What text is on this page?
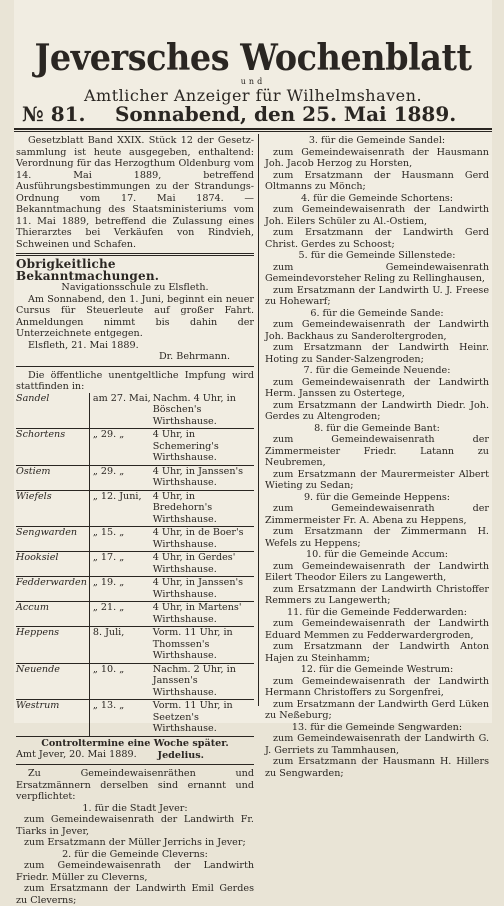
Jeversches Wochenblatt
und
Amtlicher Anzeiger für Wilhelmshaven.
№ 81. Sonnabend, den 25. Mai 1889.

Gesetzblatt Band XXIX. Stück 12 der Gesetz-sammlung ist heute ausgegeben, enthaltend: Verordnung für das Herzogthum Oldenburg vom 14. Mai 1889, betreffend Ausführungsbestimmungen zu der Strandungs-Ordnung vom 17. Mai 1874. — Bekanntmachung des Staatsministeriums vom 11. Mai 1889, betreffend die Zulassung eines Thierarztes bei Verkäufen von Rindvieh, Schweinen und Schafen.

Obrigkeitliche Bekanntmachungen.
Navigationsschule zu Elsfleth.

Am Sonnabend, den 1. Juni, beginnt ein neuer Cursus für Steuerleute auf großer Fahrt. Anmeldungen nimmt bis dahin der Unterzeichnete entgegen.

Elsfleth, 21. Mai 1889.
Dr. Behrmann.

Die öffentliche unentgeltliche Impfung wird stattfinden in:

Sandel	am 27. Mai,	Nachm. 4 Uhr, in Böschen's Wirthshause.
Schortens	„ 29. „	4 Uhr, in Schemering's Wirthshause.
Ostiem	„ 29. „	4 Uhr, in Janssen's Wirthshause.
Wiefels	„ 12. Juni,	4 Uhr, in Bredehorn's Wirthshause.
Sengwarden	„ 15. „	4 Uhr, in de Boer's Wirthshause.
Hooksiel	„ 17. „	4 Uhr, in Gerdes' Wirthshause.
Fedderwarden	„ 19. „	4 Uhr, in Janssen's Wirthshause.
Accum	„ 21. „	4 Uhr, in Martens' Wirthshause.
Heppens	8. Juli,	Vorm. 11 Uhr, in Thomssen's Wirthshause.
Neuende	„ 10. „	Nachm. 2 Uhr, in Janssen's Wirthshause.
Westrum	„ 13. „	Vorm. 11 Uhr, in Seetzen's Wirthshause.
Controltermine eine Woche später.
Amt Jever, 20. Mai 1889.	Jedelius.

Zu Gemeindewaisenräthen und Ersatzmännern derselben sind ernannt und verpflichtet:

1. für die Stadt Jever:
zum Gemeindewaisenrath der Landwirth Fr. Tiarks in Jever,
zum Ersatzmann der Müller Jerrichs in Jever;
2. für die Gemeinde Cleverns:
zum Gemeindewaisenrath der Landwirth Friedr. Müller zu Cleverns,
zum Ersatzmann der Landwirth Emil Gerdes zu Cleverns;
3. für die Gemeinde Sandel:
zum Gemeindewaisenrath der Hausmann Joh. Jacob Herzog zu Horsten,
zum Ersatzmann der Hausmann Gerd Oltmanns zu Mönch;
4. für die Gemeinde Schortens:
zum Gemeindewaisenrath der Landwirth Joh. Eilers Schüler zu Al.-Ostiem,
zum Ersatzmann der Landwirth Gerd Christ. Gerdes zu Schoost;
5. für die Gemeinde Sillenstede:
zum Gemeindewaisenrath Gemeindevorsteher Reling zu Rellinghausen,
zum Ersatzmann der Landwirth U. J. Freese zu Hohewarf;
6. für die Gemeinde Sande:
zum Gemeindewaisenrath der Landwirth Joh. Backhaus zu Sanderoltergroden,
zum Ersatzmann der Landwirth Heinr. Hoting zu Sander-Salzengroden;
7. für die Gemeinde Neuende:
zum Gemeindewaisenrath der Landwirth Herm. Janssen zu Ostertege,
zum Ersatzmann der Landwirth Diedr. Joh. Gerdes zu Altengroden;
8. für die Gemeinde Bant:
zum Gemeindewaisenrath der Zimmermeister Friedr. Latann zu Neubremen,
zum Ersatzmann der Maurermeister Albert Wieting zu Sedan;
9. für die Gemeinde Heppens:
zum Gemeindewaisenrath der Zimmermeister Fr. A. Abena zu Heppens,
zum Ersatzmann der Zimmermann H. Wefels zu Heppens;
10. für die Gemeinde Accum:
zum Gemeindewaisenrath der Landwirth Eilert Theodor Eilers zu Langewerth,
zum Ersatzmann der Landwirth Christoffer Remmers zu Langewerth;
11. für die Gemeinde Fedderwarden:
zum Gemeindewaisenrath der Landwirth Eduard Memmen zu Fedderwardergroden,
zum Ersatzmann der Landwirth Anton Hajen zu Steinhamm;
12. für die Gemeinde Westrum:
zum Gemeindewaisenrath der Landwirth Hermann Christoffers zu Sorgenfrei,
zum Ersatzmann der Landwirth Gerd Lüken zu Neßeburg;
13. für die Gemeinde Sengwarden:
zum Gemeindewaisenrath der Landwirth G. J. Gerriets zu Tammhausen,
zum Ersatzmann der Hausmann H. Hillers zu Sengwarden;
